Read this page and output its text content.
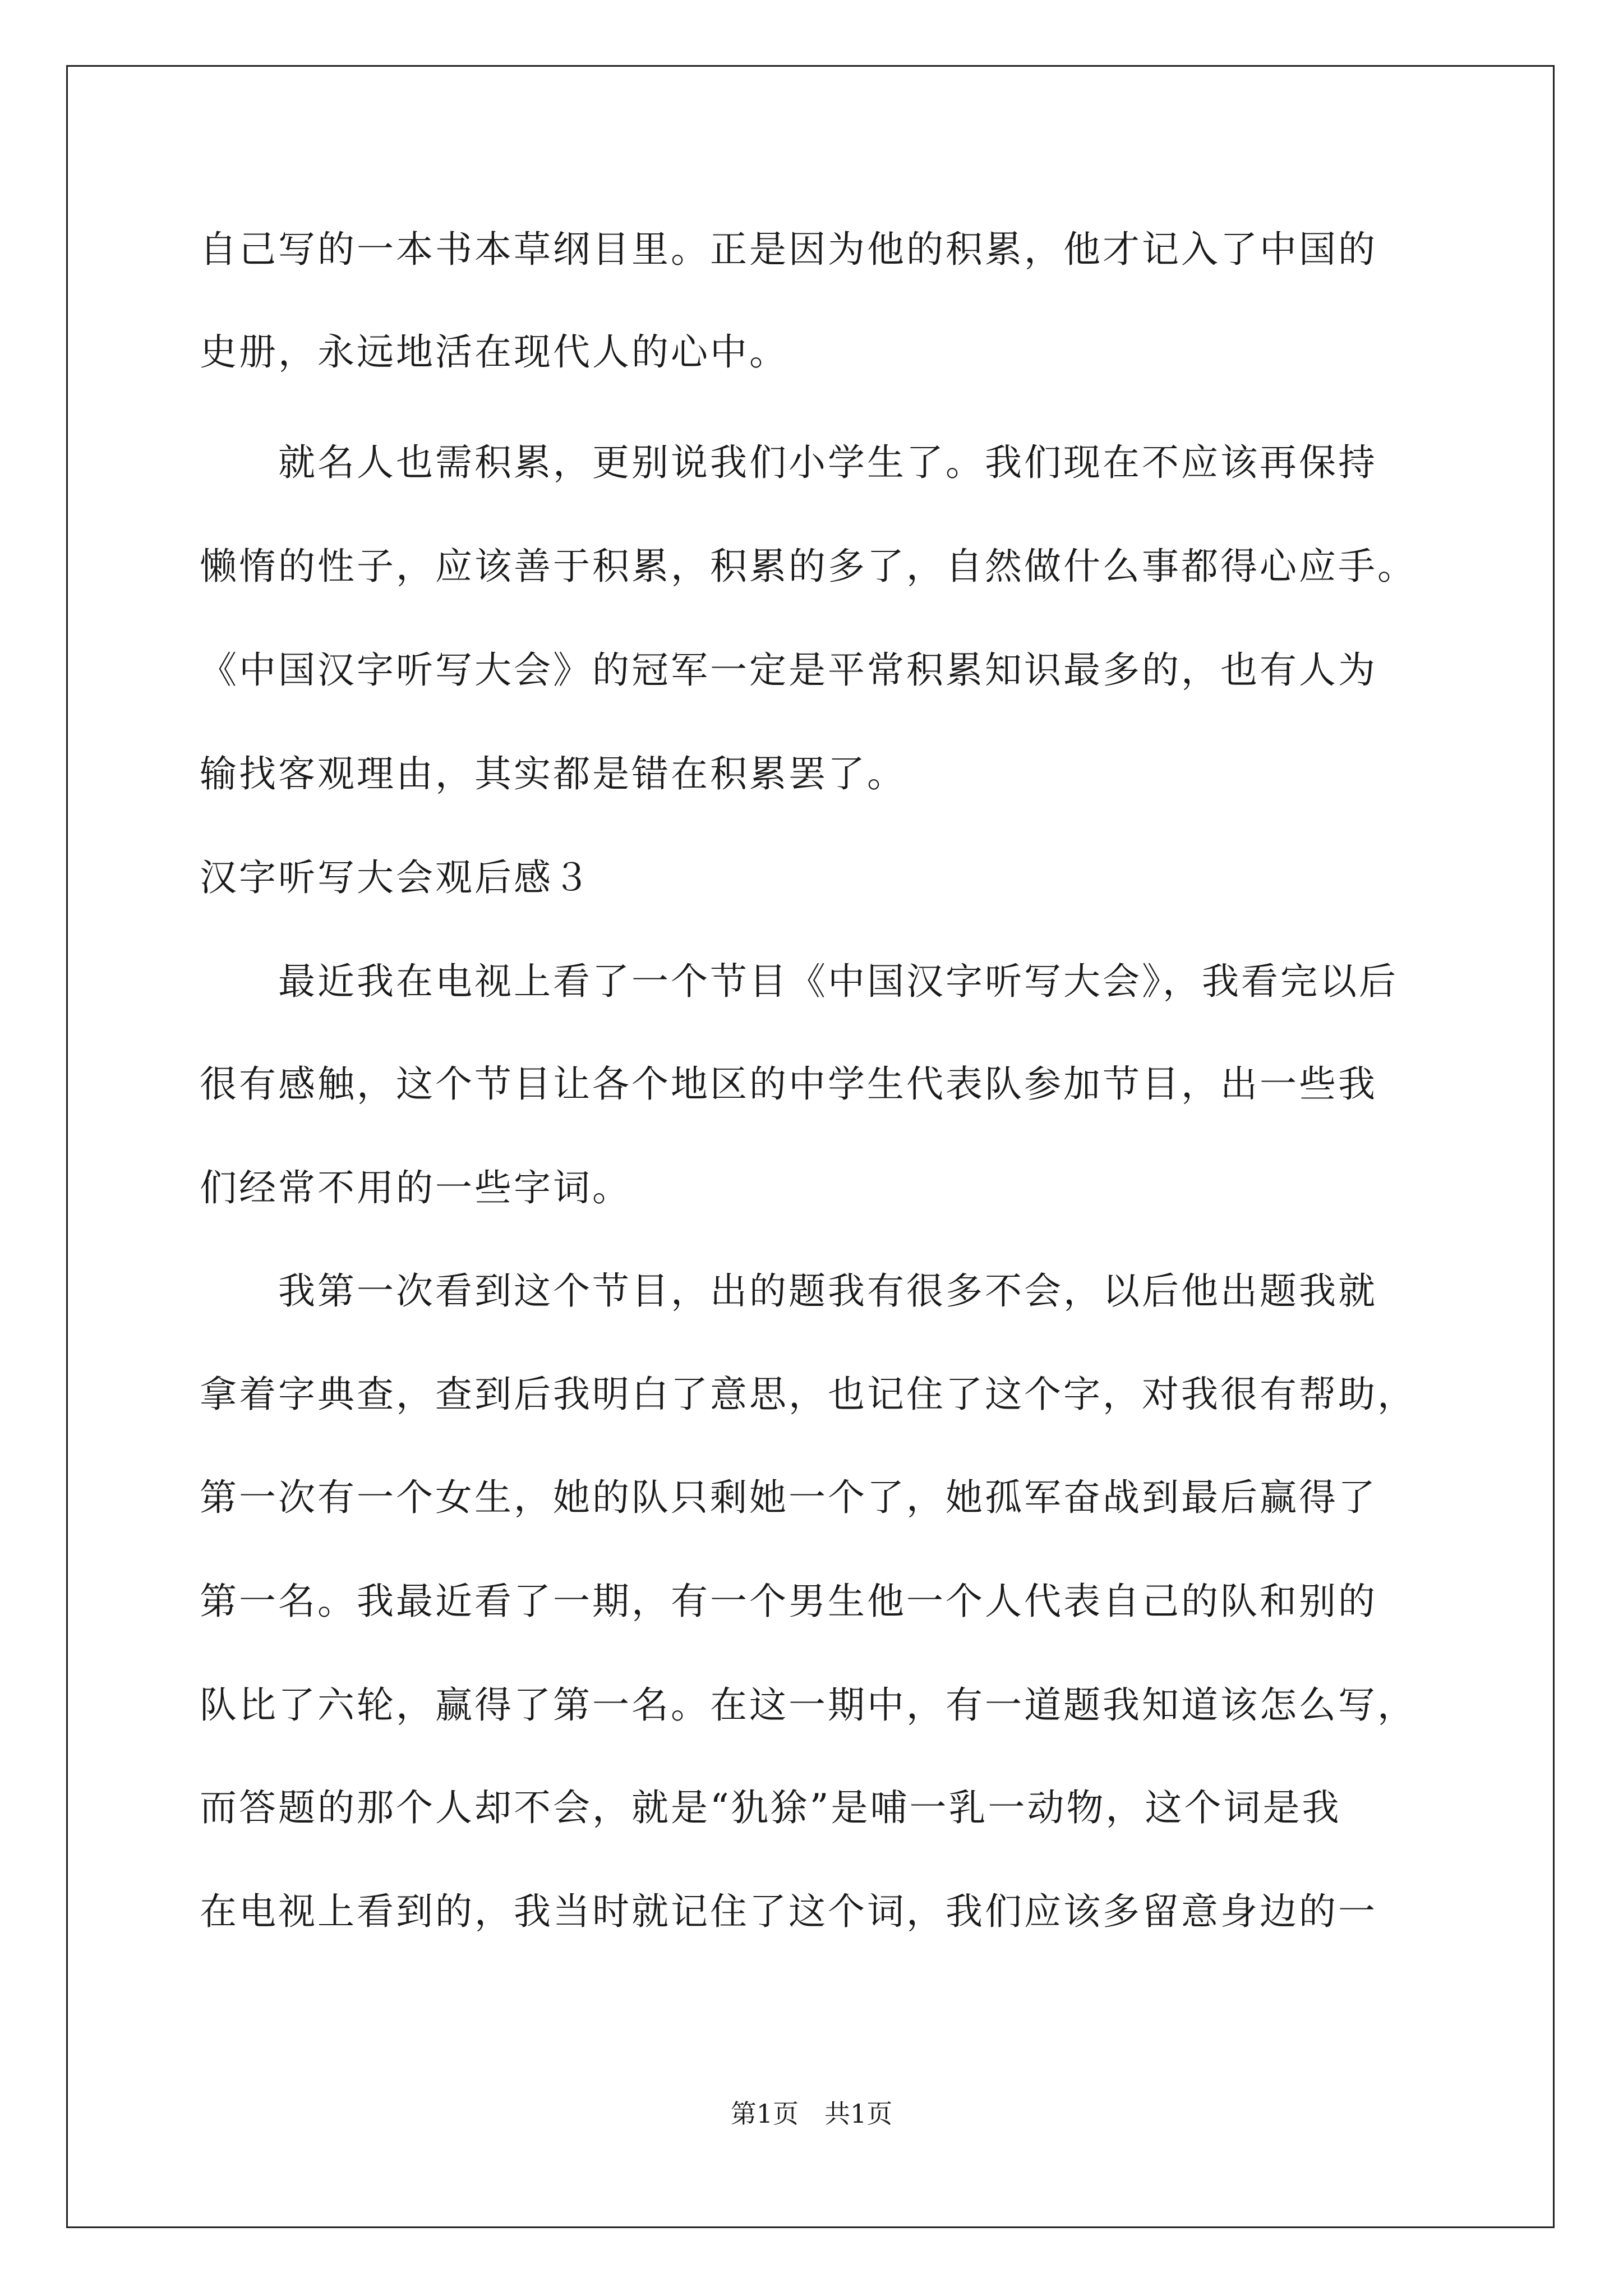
自己写的一本书本草纲目里。正是因为他的积累，他才记入了中国的
史册，永远地活在现代人的心中。
　　就名人也需积累，更别说我们小学生了。我们现在不应该再保持
懒惰的性子，应该善于积累，积累的多了，自然做什么事都得心应手。
《中国汉字听写大会》的冠军一定是平常积累知识最多的，也有人为
输找客观理由，其实都是错在积累罢了。
汉字听写大会观后感３
　　最近我在电视上看了一个节目《中国汉字听写大会》，我看完以后
很有感触，这个节目让各个地区的中学生代表队参加节目，出一些我
们经常不用的一些字词。
　　我第一次看到这个节目，出的题我有很多不会，以后他出题我就
拿着字典查，查到后我明白了意思，也记住了这个字，对我很有帮助，
第一次有一个女生，她的队只剩她一个了，她孤军奋战到最后赢得了
第一名。我最近看了一期，有一个男生他一个人代表自己的队和别的
队比了六轮，赢得了第一名。在这一期中，有一道题我知道该怎么写，
而答题的那个人却不会，就是“犰狳”是哺一乳一动物，这个词是我
在电视上看到的，我当时就记住了这个词，我们应该多留意身边的一
第1页　共1页
